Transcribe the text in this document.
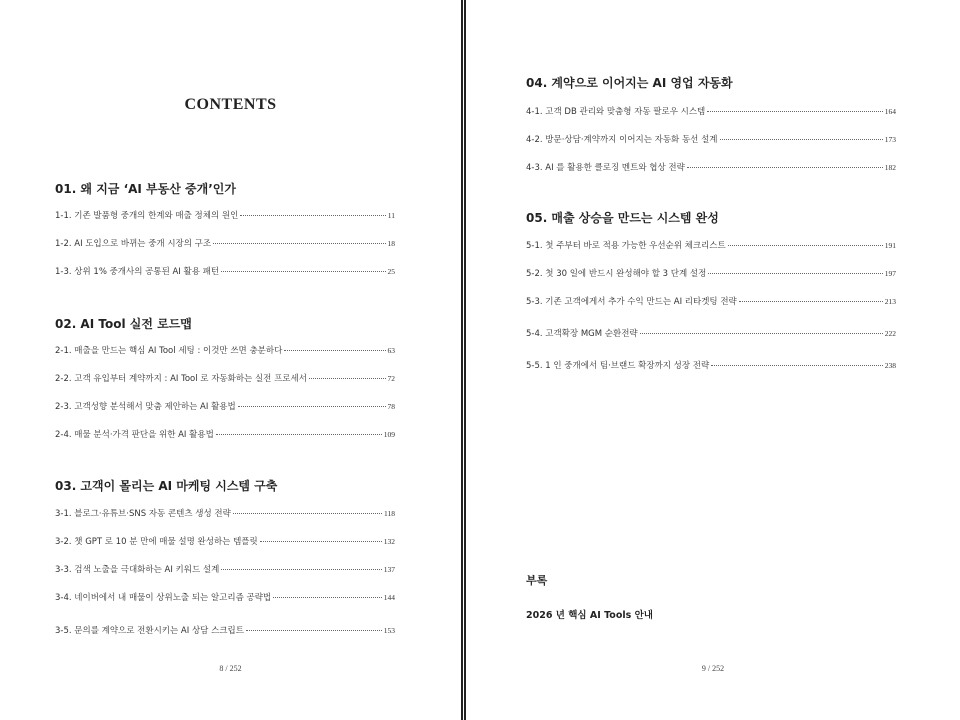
CONTENTS
01. 왜 지금 ‘AI 부동산 중개’인가
1-1. 기존 발품형 중개의 한계와 매출 정체의 원인	11
1-2. AI 도입으로 바뀌는 중개 시장의 구조	18
1-3. 상위 1% 중개사의 공통된 AI 활용 패턴	25
02. AI Tool 실전 로드맵
2-1. 매출을 만드는 핵심 AI Tool 세팅 : 이것만 쓰면 충분하다	63
2-2. 고객 유입부터 계약까지 : AI Tool 로 자동화하는 실전 프로세서	72
2-3. 고객성향 분석해서 맞춤 제안하는 AI 활용법	78
2-4. 매물 분석·가격 판단을 위한 AI 활용법	109
03. 고객이 몰리는 AI 마케팅 시스템 구축
3-1. 블로그·유튜브·SNS 자동 콘텐츠 생성 전략	118
3-2. 챗 GPT 로 10 분 만에 매물 설명 완성하는 템플릿	132
3-3. 검색 노출을 극대화하는 AI 키워드 설계	137
3-4. 네이버에서 내 매물이 상위노출 되는 알고리즘 공략법	144
3-5. 문의를 계약으로 전환시키는 AI 상담 스크립트	153
8 / 252
04. 계약으로 이어지는 AI 영업 자동화
4-1. 고객 DB 관리와 맞춤형 자동 팔로우 시스템	164
4-2. 방문·상담·계약까지 이어지는 자동화 동선 설계	173
4-3. AI 를 활용한 클로징 멘트와 협상 전략	182
05. 매출 상승을 만드는 시스템 완성
5-1. 첫 주부터 바로 적용 가능한 우선순위 체크리스트	191
5-2. 첫 30 일에 반드시 완성해야 할 3 단계 설정	197
5-3. 기존 고객에게서 추가 수익 만드는 AI 리타겟팅 전략	213
5-4. 고객확장 MGM 순환전략	222
5-5. 1 인 중개에서 팀·브랜드 확장까지 성장 전략	238
부록
2026 년 핵심 AI Tools 안내
9 / 252
